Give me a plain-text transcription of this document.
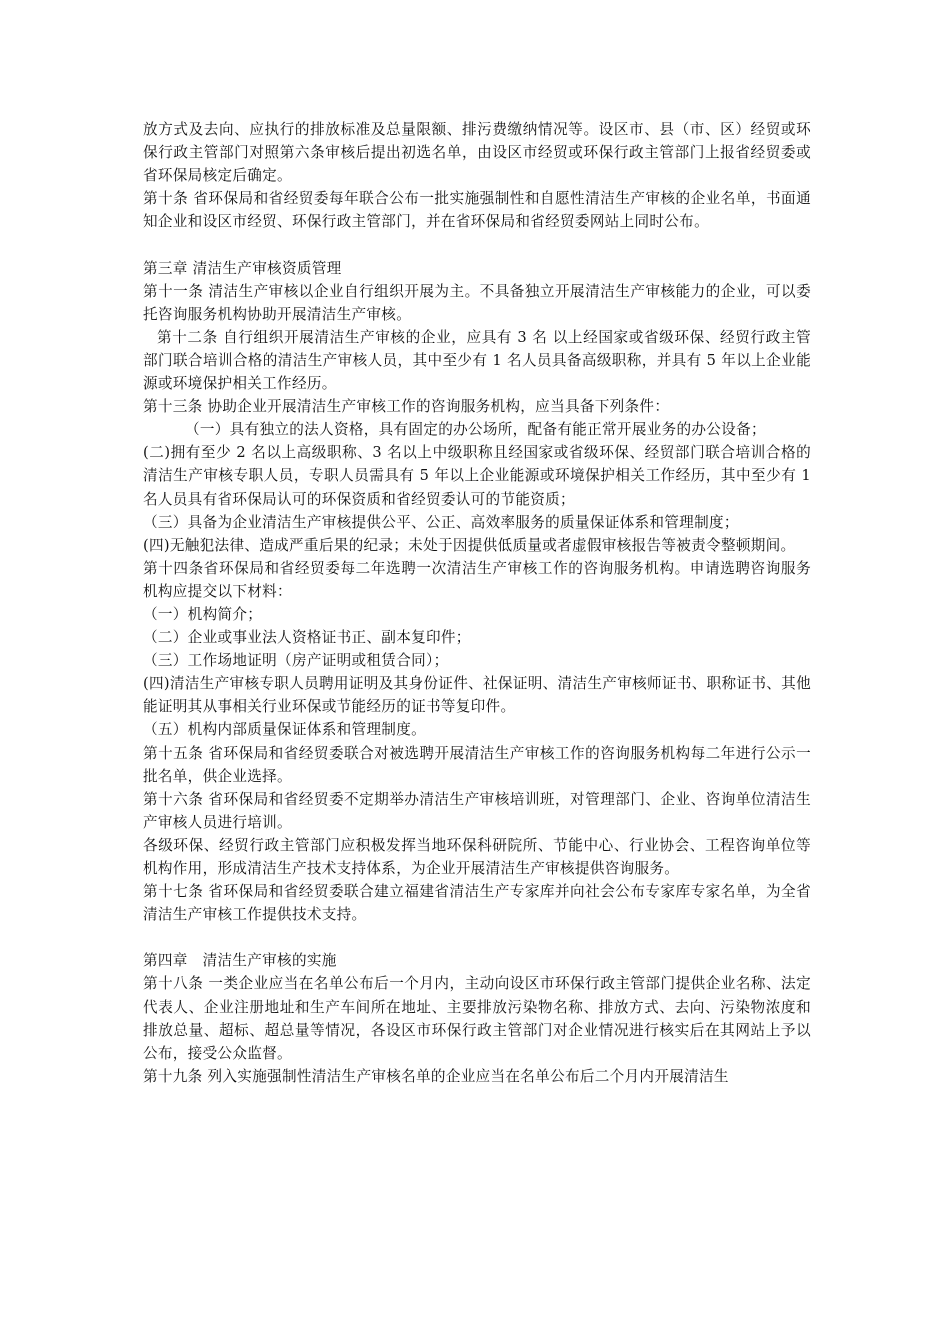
放方式及去向、应执行的排放标准及总量限额、排污费缴纳情况等。设区市、县（市、区）经贸或环保行政主管部门对照第六条审核后提出初选名单，由设区市经贸或环保行政主管部门上报省经贸委或省环保局核定后确定。

第十条 省环保局和省经贸委每年联合公布一批实施强制性和自愿性清洁生产审核的企业名单，书面通知企业和设区市经贸、环保行政主管部门，并在省环保局和省经贸委网站上同时公布。

第三章 清洁生产审核资质管理

第十一条 清洁生产审核以企业自行组织开展为主。不具备独立开展清洁生产审核能力的企业，可以委托咨询服务机构协助开展清洁生产审核。

第十二条 自行组织开展清洁生产审核的企业，应具有 3 名 以上经国家或省级环保、经贸行政主管部门联合培训合格的清洁生产审核人员，其中至少有 1 名人员具备高级职称，并具有 5 年以上企业能源或环境保护相关工作经历。

第十三条 协助企业开展清洁生产审核工作的咨询服务机构，应当具备下列条件：

（一）具有独立的法人资格，具有固定的办公场所，配备有能正常开展业务的办公设备；

(二)拥有至少 2 名以上高级职称、3 名以上中级职称且经国家或省级环保、经贸部门联合培训合格的清洁生产审核专职人员，专职人员需具有 5 年以上企业能源或环境保护相关工作经历，其中至少有 1 名人员具有省环保局认可的环保资质和省经贸委认可的节能资质；

（三）具备为企业清洁生产审核提供公平、公正、高效率服务的质量保证体系和管理制度；

(四)无触犯法律、造成严重后果的纪录；未处于因提供低质量或者虚假审核报告等被责令整顿期间。

第十四条省环保局和省经贸委每二年选聘一次清洁生产审核工作的咨询服务机构。申请选聘咨询服务机构应提交以下材料：

（一）机构简介；

（二）企业或事业法人资格证书正、副本复印件；

（三）工作场地证明（房产证明或租赁合同）；

(四)清洁生产审核专职人员聘用证明及其身份证件、社保证明、清洁生产审核师证书、职称证书、其他能证明其从事相关行业环保或节能经历的证书等复印件。

（五）机构内部质量保证体系和管理制度。

第十五条 省环保局和省经贸委联合对被选聘开展清洁生产审核工作的咨询服务机构每二年进行公示一批名单，供企业选择。

第十六条 省环保局和省经贸委不定期举办清洁生产审核培训班，对管理部门、企业、咨询单位清洁生产审核人员进行培训。

各级环保、经贸行政主管部门应积极发挥当地环保科研院所、节能中心、行业协会、工程咨询单位等机构作用，形成清洁生产技术支持体系，为企业开展清洁生产审核提供咨询服务。

第十七条 省环保局和省经贸委联合建立福建省清洁生产专家库并向社会公布专家库专家名单，为全省清洁生产审核工作提供技术支持。

第四章　清洁生产审核的实施

第十八条 一类企业应当在名单公布后一个月内，主动向设区市环保行政主管部门提供企业名称、法定代表人、企业注册地址和生产车间所在地址、主要排放污染物名称、排放方式、去向、污染物浓度和排放总量、超标、超总量等情况，各设区市环保行政主管部门对企业情况进行核实后在其网站上予以公布，接受公众监督。

第十九条 列入实施强制性清洁生产审核名单的企业应当在名单公布后二个月内开展清洁生
